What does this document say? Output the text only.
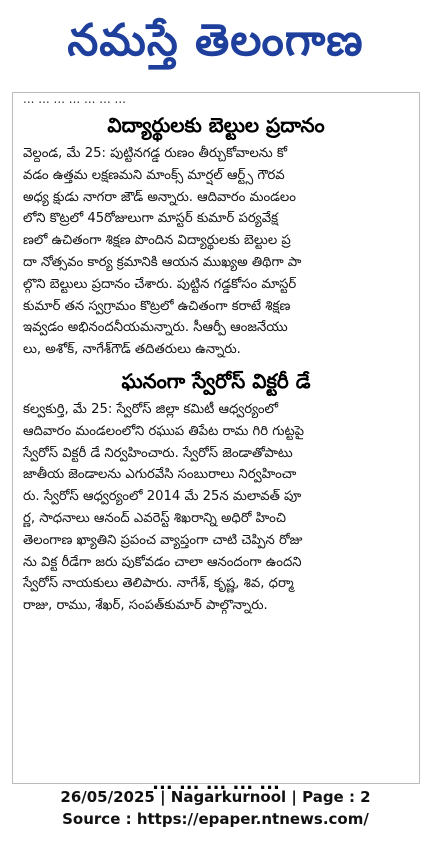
నమస్తే తెలంగాణ
... ... ... ... ... ... ...
విద్యార్థులకు బెల్టుల ప్రదానం
వెల్దండ, మే 25: పుట్టినగడ్డ రుణం తీర్చుకోవాలను కో
వడం ఉత్తమ లక్షణమని మాంక్స్ మార్షల్ ఆర్ట్స్ గౌరవ
అధ్య క్షుడు నాగరా జౌడ్ అన్నారు. ఆదివారం మండలం
లోని కొట్రలో 45రోజులుగా మాస్టర్ కుమార్ పర్యవేక్ష
ణలో ఉచితంగా శిక్షణ పొందిన విద్యార్థులకు బెల్టుల ప్ర
దా నోత్సవం కార్య క్రమానికి ఆయన ముఖ్యఅ తిథిగా పా
ల్గొని బెల్టులు ప్రదానం చేశారు. పుట్టిన గడ్డకోసం మాస్టర్
కుమార్ తన స్వగ్రామం కొట్రలో ఉచితంగా కరాటే శిక్షణ
ఇవ్వడం అభినందనీయమన్నారు. సీఆర్పీ ఆంజనేయు
లు, అశోక్, నాగేశ్‌గౌడ్ తదితరులు ఉన్నారు.
ఘనంగా స్వేరోస్ విక్టరీ డే
కల్వకుర్తి, మే 25: స్వేరోస్ జిల్లా కమిటీ ఆధ్వర్యంలో
ఆదివారం మండలంలోని రఘుప తిపేట రామ గిరి గుట్టపై
స్వేరోస్ విక్టరీ డే నిర్వహించారు. స్వేరోస్ జెండాతోపాటు
జాతీయ జెండాలను ఎగురవేసి సంబురాలు నిర్వహించా
రు. స్వేరోస్ ఆధ్వర్యంలో 2014 మే 25న మలావత్ పూ
ర్ణ, సాధనాలు ఆనంద్ ఎవరెస్ట్ శిఖరాన్ని అధిరో హించి
తెలంగాణ ఖ్యాతిని ప్రపంచ వ్యాప్తంగా చాటి చెప్పిన రోజు
ను విక్ట రీడేగా జరు పుకోవడం చాలా ఆనందంగా ఉందని
స్వేరోస్ నాయకులు తెలిపారు. నాగేశ్, కృష్ణ, శివ, ధర్మా
రాజు, రాము, శేఖర్, సంపత్‌కుమార్ పాల్గొన్నారు.
... ... ... ... ...
26/05/2025 | Nagarkurnool | Page : 2
Source : https://epaper.ntnews.com/
